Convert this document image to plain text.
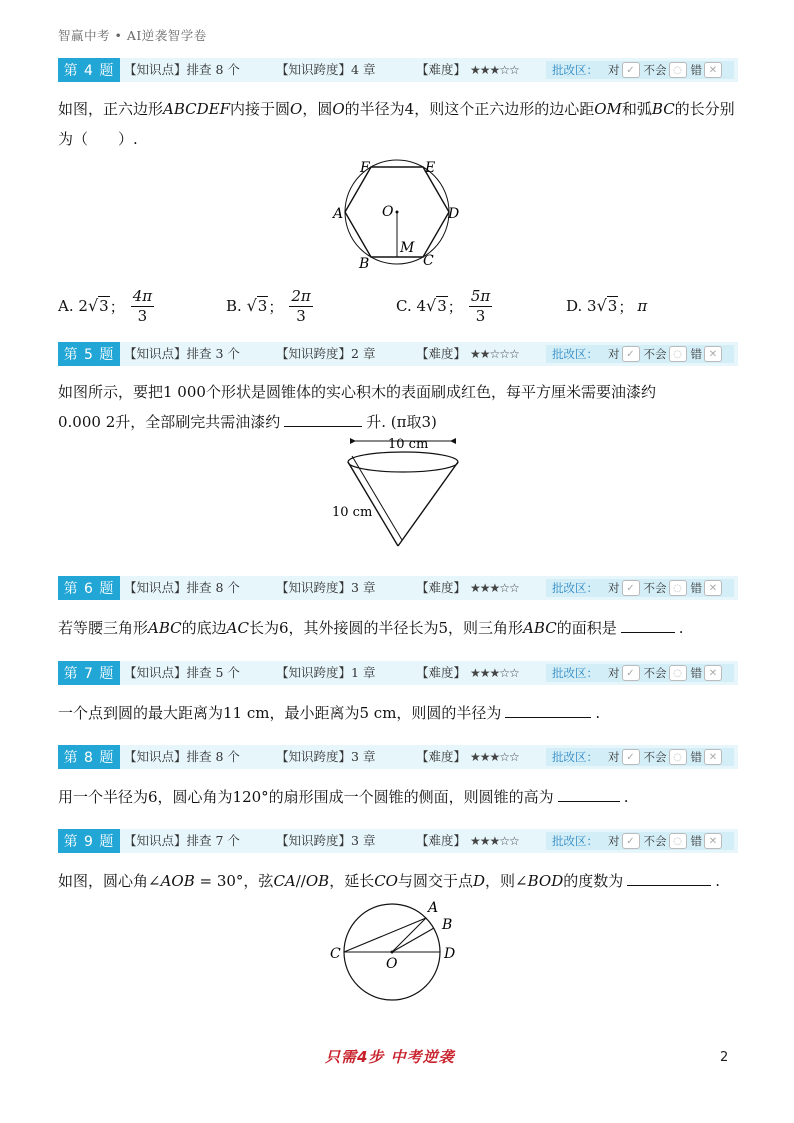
智赢中考 • AI逆袭智学卷
第 4 题 【知识点】排查 8 个	【知识跨度】4 章	【难度】 ★★★☆☆	批改区： 对 ✓ 不会 ◌ 错 ✕
如图，正六边形ABCDEF内接于圆O，圆O的半径为4，则这个正六边形的边心距OM和弧BC的长分别为（　　）.
F	E
A	D
B	C
O
M
A.
2 √ 3 ； $\frac{4\pi}{3}$	B.
√ 3 ； $\frac{2\pi}{3}$	C.
4 √ 3 ； $\frac{5\pi}{3}$	D.
3 √ 3 ； π
第 5 题 【知识点】排查 3 个	【知识跨度】2 章	【难度】 ★★☆☆☆	批改区： 对 ✓ 不会 ◌ 错 ✕
如图所示，要把1 000个形状是圆锥体的实心积木的表面刷成红色，每平方厘米需要油漆约
0.000 2升，全部刷完共需油漆约	升. (π取3)
10 cm
10 cm
第 6 题 【知识点】排查 8 个	【知识跨度】3 章	【难度】 ★★★☆☆	批改区： 对 ✓ 不会 ◌ 错 ✕
若等腰三角形ABC的底边AC长为6，其外接圆的半径长为5，则三角形ABC的面积是	.
第 7 题 【知识点】排查 5 个	【知识跨度】1 章	【难度】 ★★★☆☆	批改区： 对 ✓ 不会 ◌ 错 ✕
一个点到圆的最大距离为11 cm，最小距离为5 cm，则圆的半径为	.
第 8 题 【知识点】排查 8 个	【知识跨度】3 章	【难度】 ★★★☆☆	批改区： 对 ✓ 不会 ◌ 错 ✕
用一个半径为6，圆心角为120°的扇形围成一个圆锥的侧面，则圆锥的高为	.
第 9 题 【知识点】排查 7 个	【知识跨度】3 章	【难度】 ★★★☆☆	批改区： 对 ✓ 不会 ◌ 错 ✕
如图，圆心角∠AOB = 30°，弦CA//OB，延长CO与圆交于点D，则∠BOD的度数为	.
A
B
C
O
D
只需4步 中考逆袭	2
